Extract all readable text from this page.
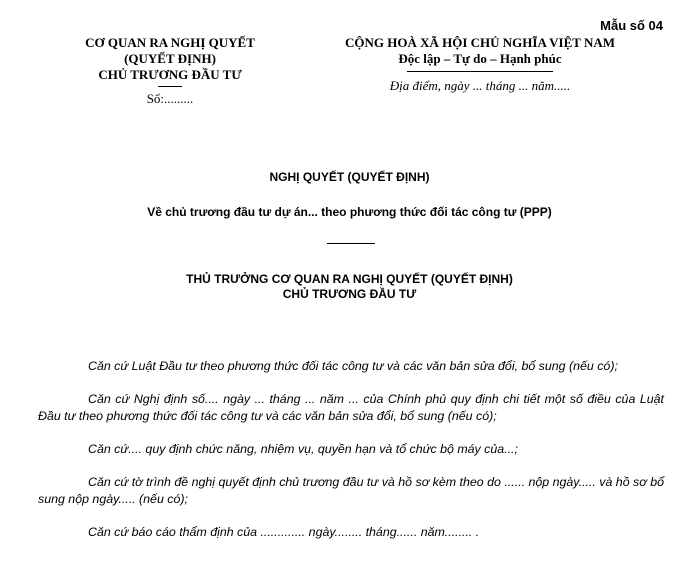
Mẫu số 04
CƠ QUAN RA NGHỊ QUYẾT
(QUYẾT ĐỊNH)
CHỦ TRƯƠNG ĐẦU TƯ
Số:.........
CỘNG HOÀ XÃ HỘI CHỦ NGHĨA VIỆT NAM
Độc lập – Tự do – Hạnh phúc
Địa điểm, ngày ... tháng ... năm.....
NGHỊ QUYẾT (QUYẾT ĐỊNH)
Về chủ trương đầu tư dự án... theo phương thức đối tác công tư (PPP)
THỦ TRƯỞNG CƠ QUAN RA NGHỊ QUYẾT (QUYẾT ĐỊNH)
CHỦ TRƯƠNG ĐẦU TƯ

Căn cứ Luật Đầu tư theo phương thức đối tác công tư và các văn bản sửa đổi, bổ sung (nếu có);

Căn cứ Nghị định số.... ngày ... tháng ... năm ... của Chính phủ quy định chi tiết một số điều của Luật Đầu tư theo phương thức đối tác công tư và các văn bản sửa đổi, bổ sung (nếu có);

Căn cứ.... quy định chức năng, nhiệm vụ, quyền hạn và tổ chức bộ máy của...;

Căn cứ tờ trình đề nghị quyết định chủ trương đầu tư và hồ sơ kèm theo do ...... nộp ngày..... và hồ sơ bổ sung nộp ngày..... (nếu có);

Căn cứ báo cáo thẩm định của ............. ngày........ tháng...... năm........ .
